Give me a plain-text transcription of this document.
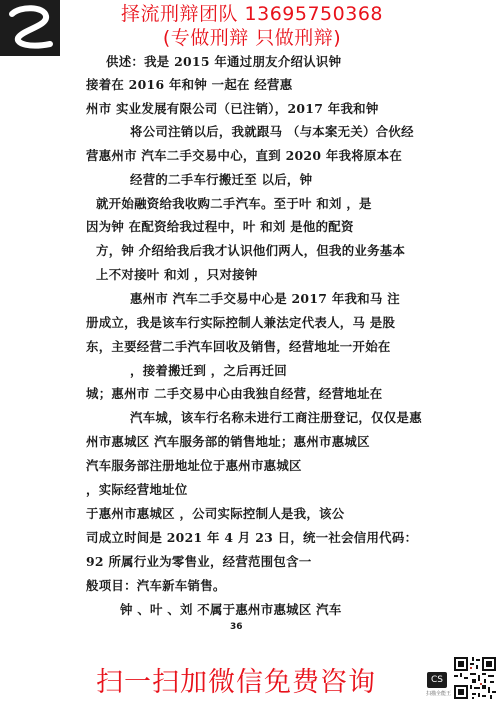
择流刑辩团队 13695750368
(专做刑辩 只做刑辩)
供述：我是 2015 年通过朋友介绍认识钟
接着在 2016 年和钟 一起在 经营惠
州市 实业发展有限公司（已注销），2017 年我和钟
将公司注销以后，我就跟马 （与本案无关）合伙经
营惠州市 汽车二手交易中心，直到 2020 年我将原本在
经营的二手车行搬迁至 以后，钟
就开始融资给我收购二手汽车。至于叶 和刘 ，是
因为钟 在配资给我过程中，叶 和刘 是他的配资
方，钟 介绍给我后我才认识他们两人，但我的业务基本
上不对接叶 和刘 ，只对接钟
惠州市 汽车二手交易中心是 2017 年我和马 注
册成立，我是该车行实际控制人兼法定代表人，马 是股
东，主要经营二手汽车回收及销售，经营地址一开始在
，接着搬迁到 ，之后再迁回
城；惠州市 二手交易中心由我独自经营，经营地址在
汽车城，该车行名称未进行工商注册登记，仅仅是惠
州市惠城区 汽车服务部的销售地址；惠州市惠城区
汽车服务部注册地址位于惠州市惠城区
，实际经营地址位
于惠州市惠城区 ，公司实际控制人是我，该公
司成立时间是 2021 年 4 月 23 日，统一社会信用代码：
92 所属行业为零售业，经营范围包含一
般项目：汽车新车销售。
钟 、叶 、刘 不属于惠州市惠城区 汽车
36
扫一扫加微信免费咨询	CS
扫描全能王
